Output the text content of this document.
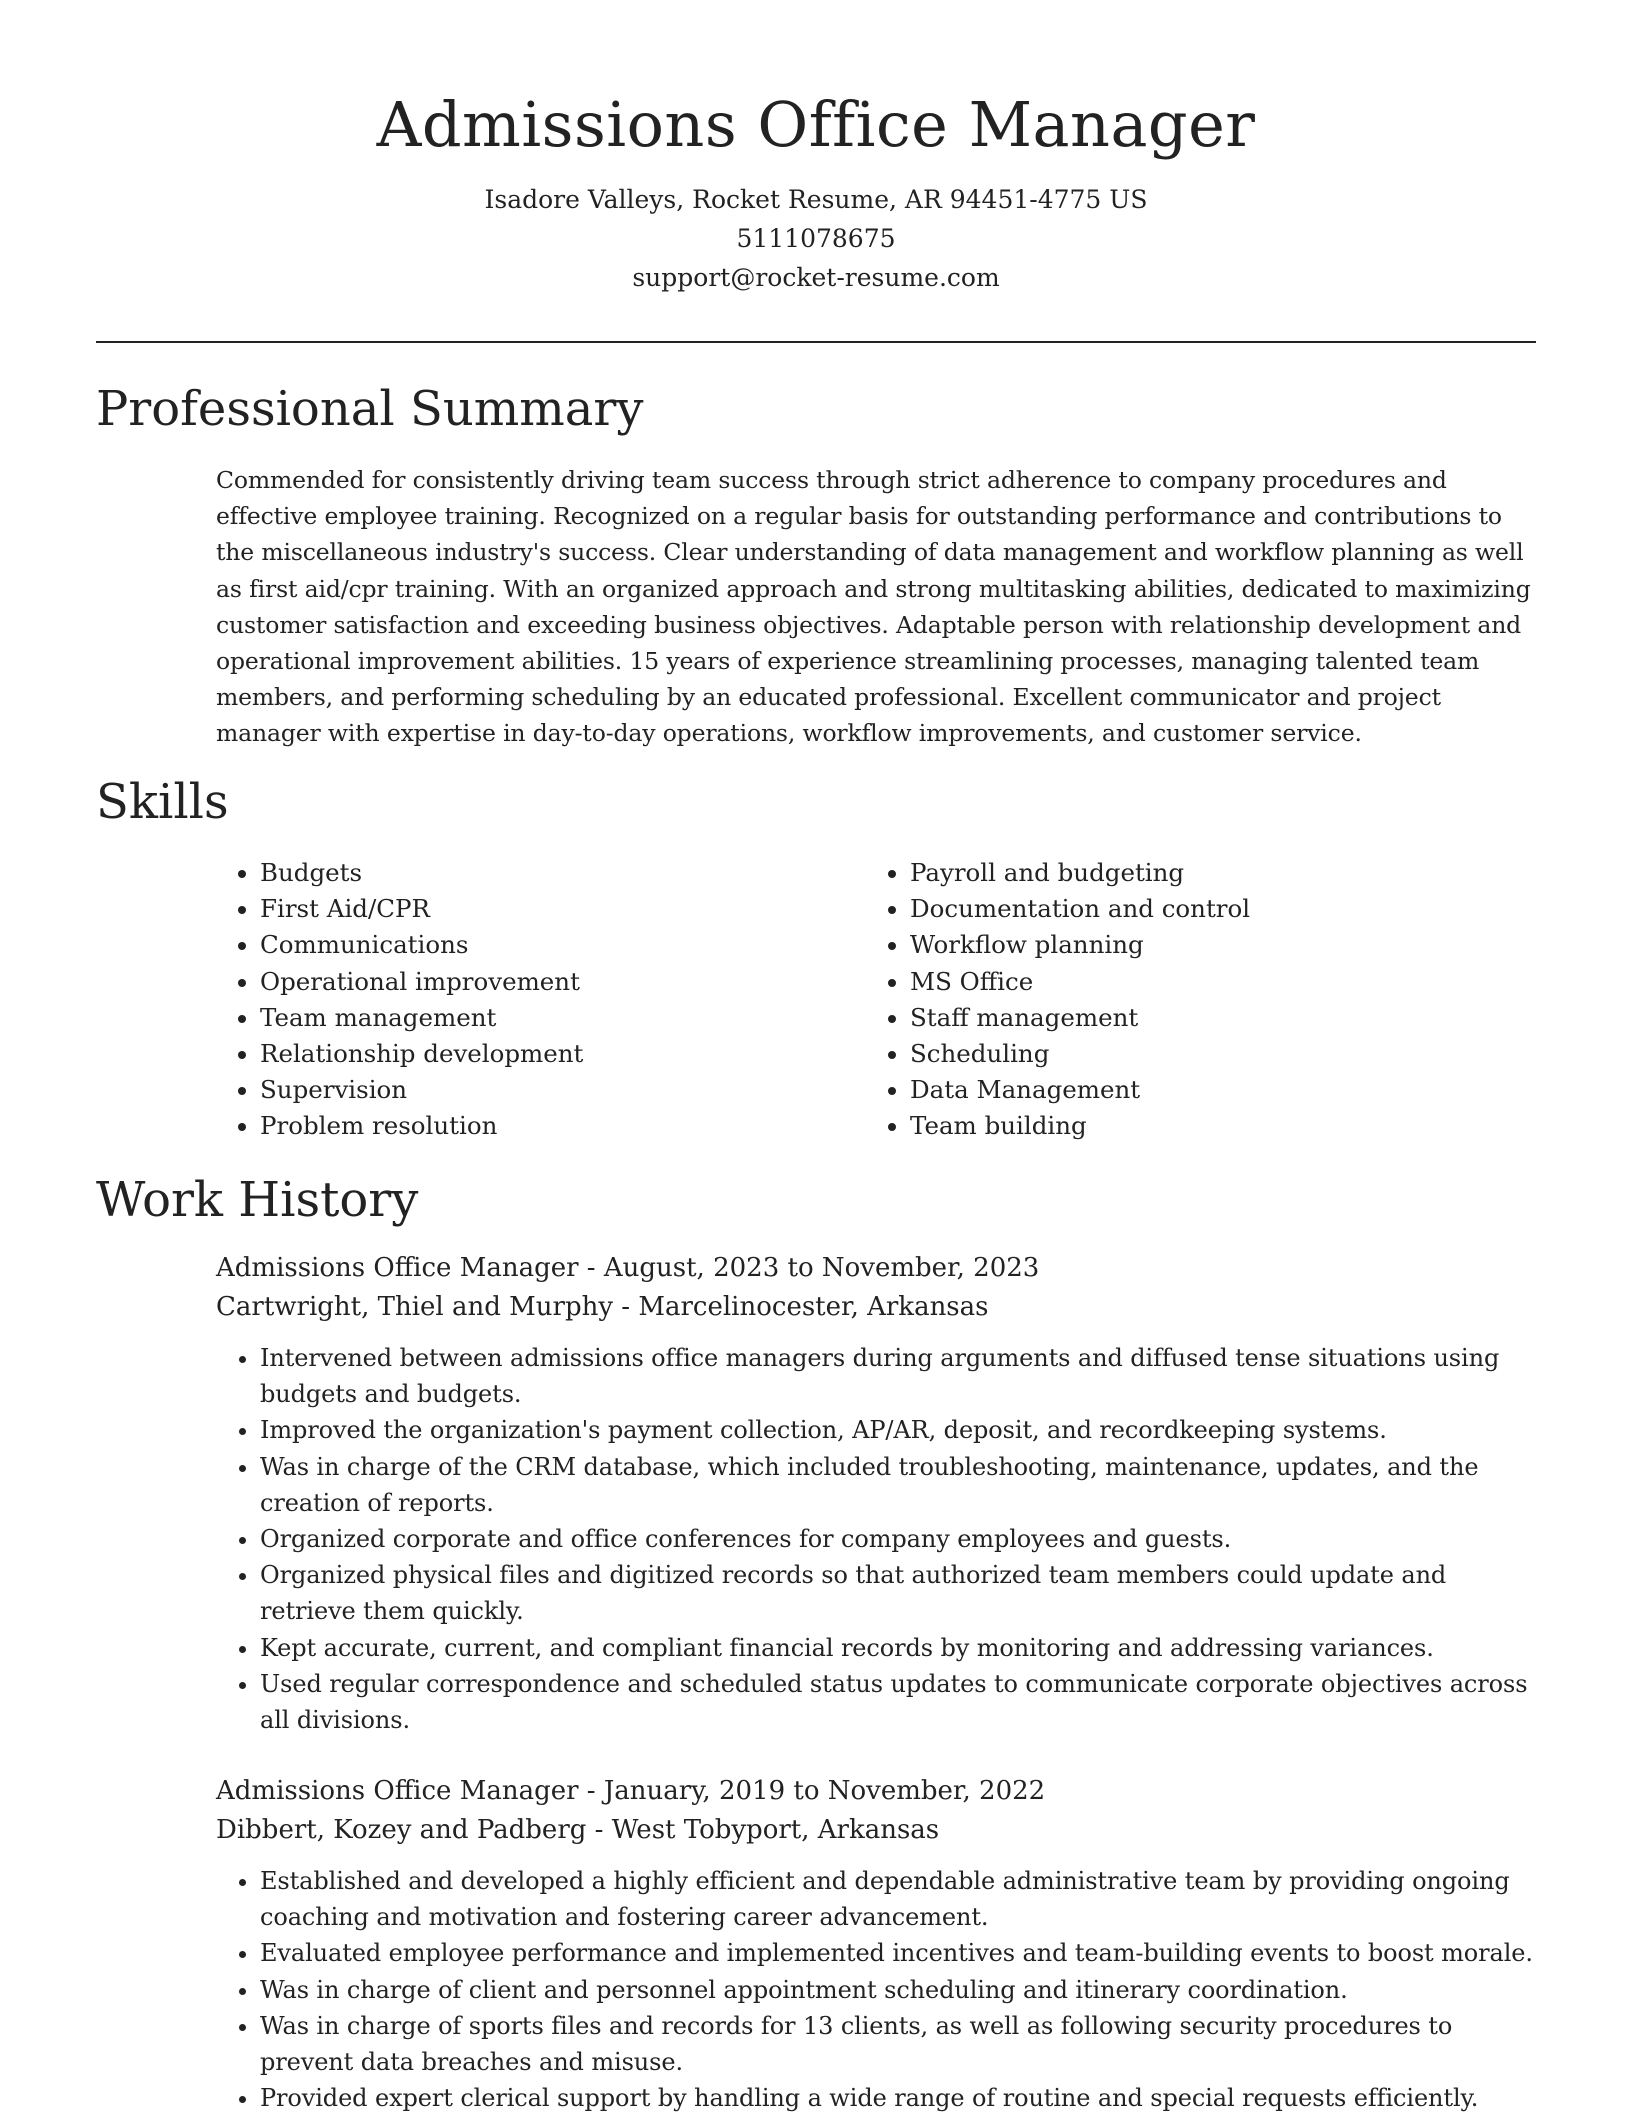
Admissions Office Manager
Isadore Valleys, Rocket Resume, AR 94451-4775 US
5111078675
support@rocket-resume.com
Professional Summary

Commended for consistently driving team success through strict adherence to company procedures and effective employee training. Recognized on a regular basis for outstanding performance and contributions to the miscellaneous industry's success. Clear understanding of data management and workflow planning as well as first aid/cpr training. With an organized approach and strong multitasking abilities, dedicated to maximizing customer satisfaction and exceeding business objectives. Adaptable person with relationship development and operational improvement abilities. 15 years of experience streamlining processes, managing talented team members, and performing scheduling by an educated professional. Excellent communicator and project manager with expertise in day-to-day operations, workflow improvements, and customer service.

Skills
• Budgets
• First Aid/CPR
• Communications
• Operational improvement
• Team management
• Relationship development
• Supervision
• Problem resolution
• Payroll and budgeting
• Documentation and control
• Workflow planning
• MS Office
• Staff management
• Scheduling
• Data Management
• Team building
Work History
Admissions Office Manager - August, 2023 to November, 2023
Cartwright, Thiel and Murphy - Marcelinocester, Arkansas
• Intervened between admissions office managers during arguments and diffused tense situations using budgets and budgets.
• Improved the organization's payment collection, AP/AR, deposit, and recordkeeping systems.
• Was in charge of the CRM database, which included troubleshooting, maintenance, updates, and the creation of reports.
• Organized corporate and office conferences for company employees and guests.
• Organized physical files and digitized records so that authorized team members could update and retrieve them quickly.
• Kept accurate, current, and compliant financial records by monitoring and addressing variances.
• Used regular correspondence and scheduled status updates to communicate corporate objectives across all divisions.
Admissions Office Manager - January, 2019 to November, 2022
Dibbert, Kozey and Padberg - West Tobyport, Arkansas
• Established and developed a highly efficient and dependable administrative team by providing ongoing coaching and motivation and fostering career advancement.
• Evaluated employee performance and implemented incentives and team-building events to boost morale.
• Was in charge of client and personnel appointment scheduling and itinerary coordination.
• Was in charge of sports files and records for 13 clients, as well as following security procedures to prevent data breaches and misuse.
• Provided expert clerical support by handling a wide range of routine and special requests efficiently.
